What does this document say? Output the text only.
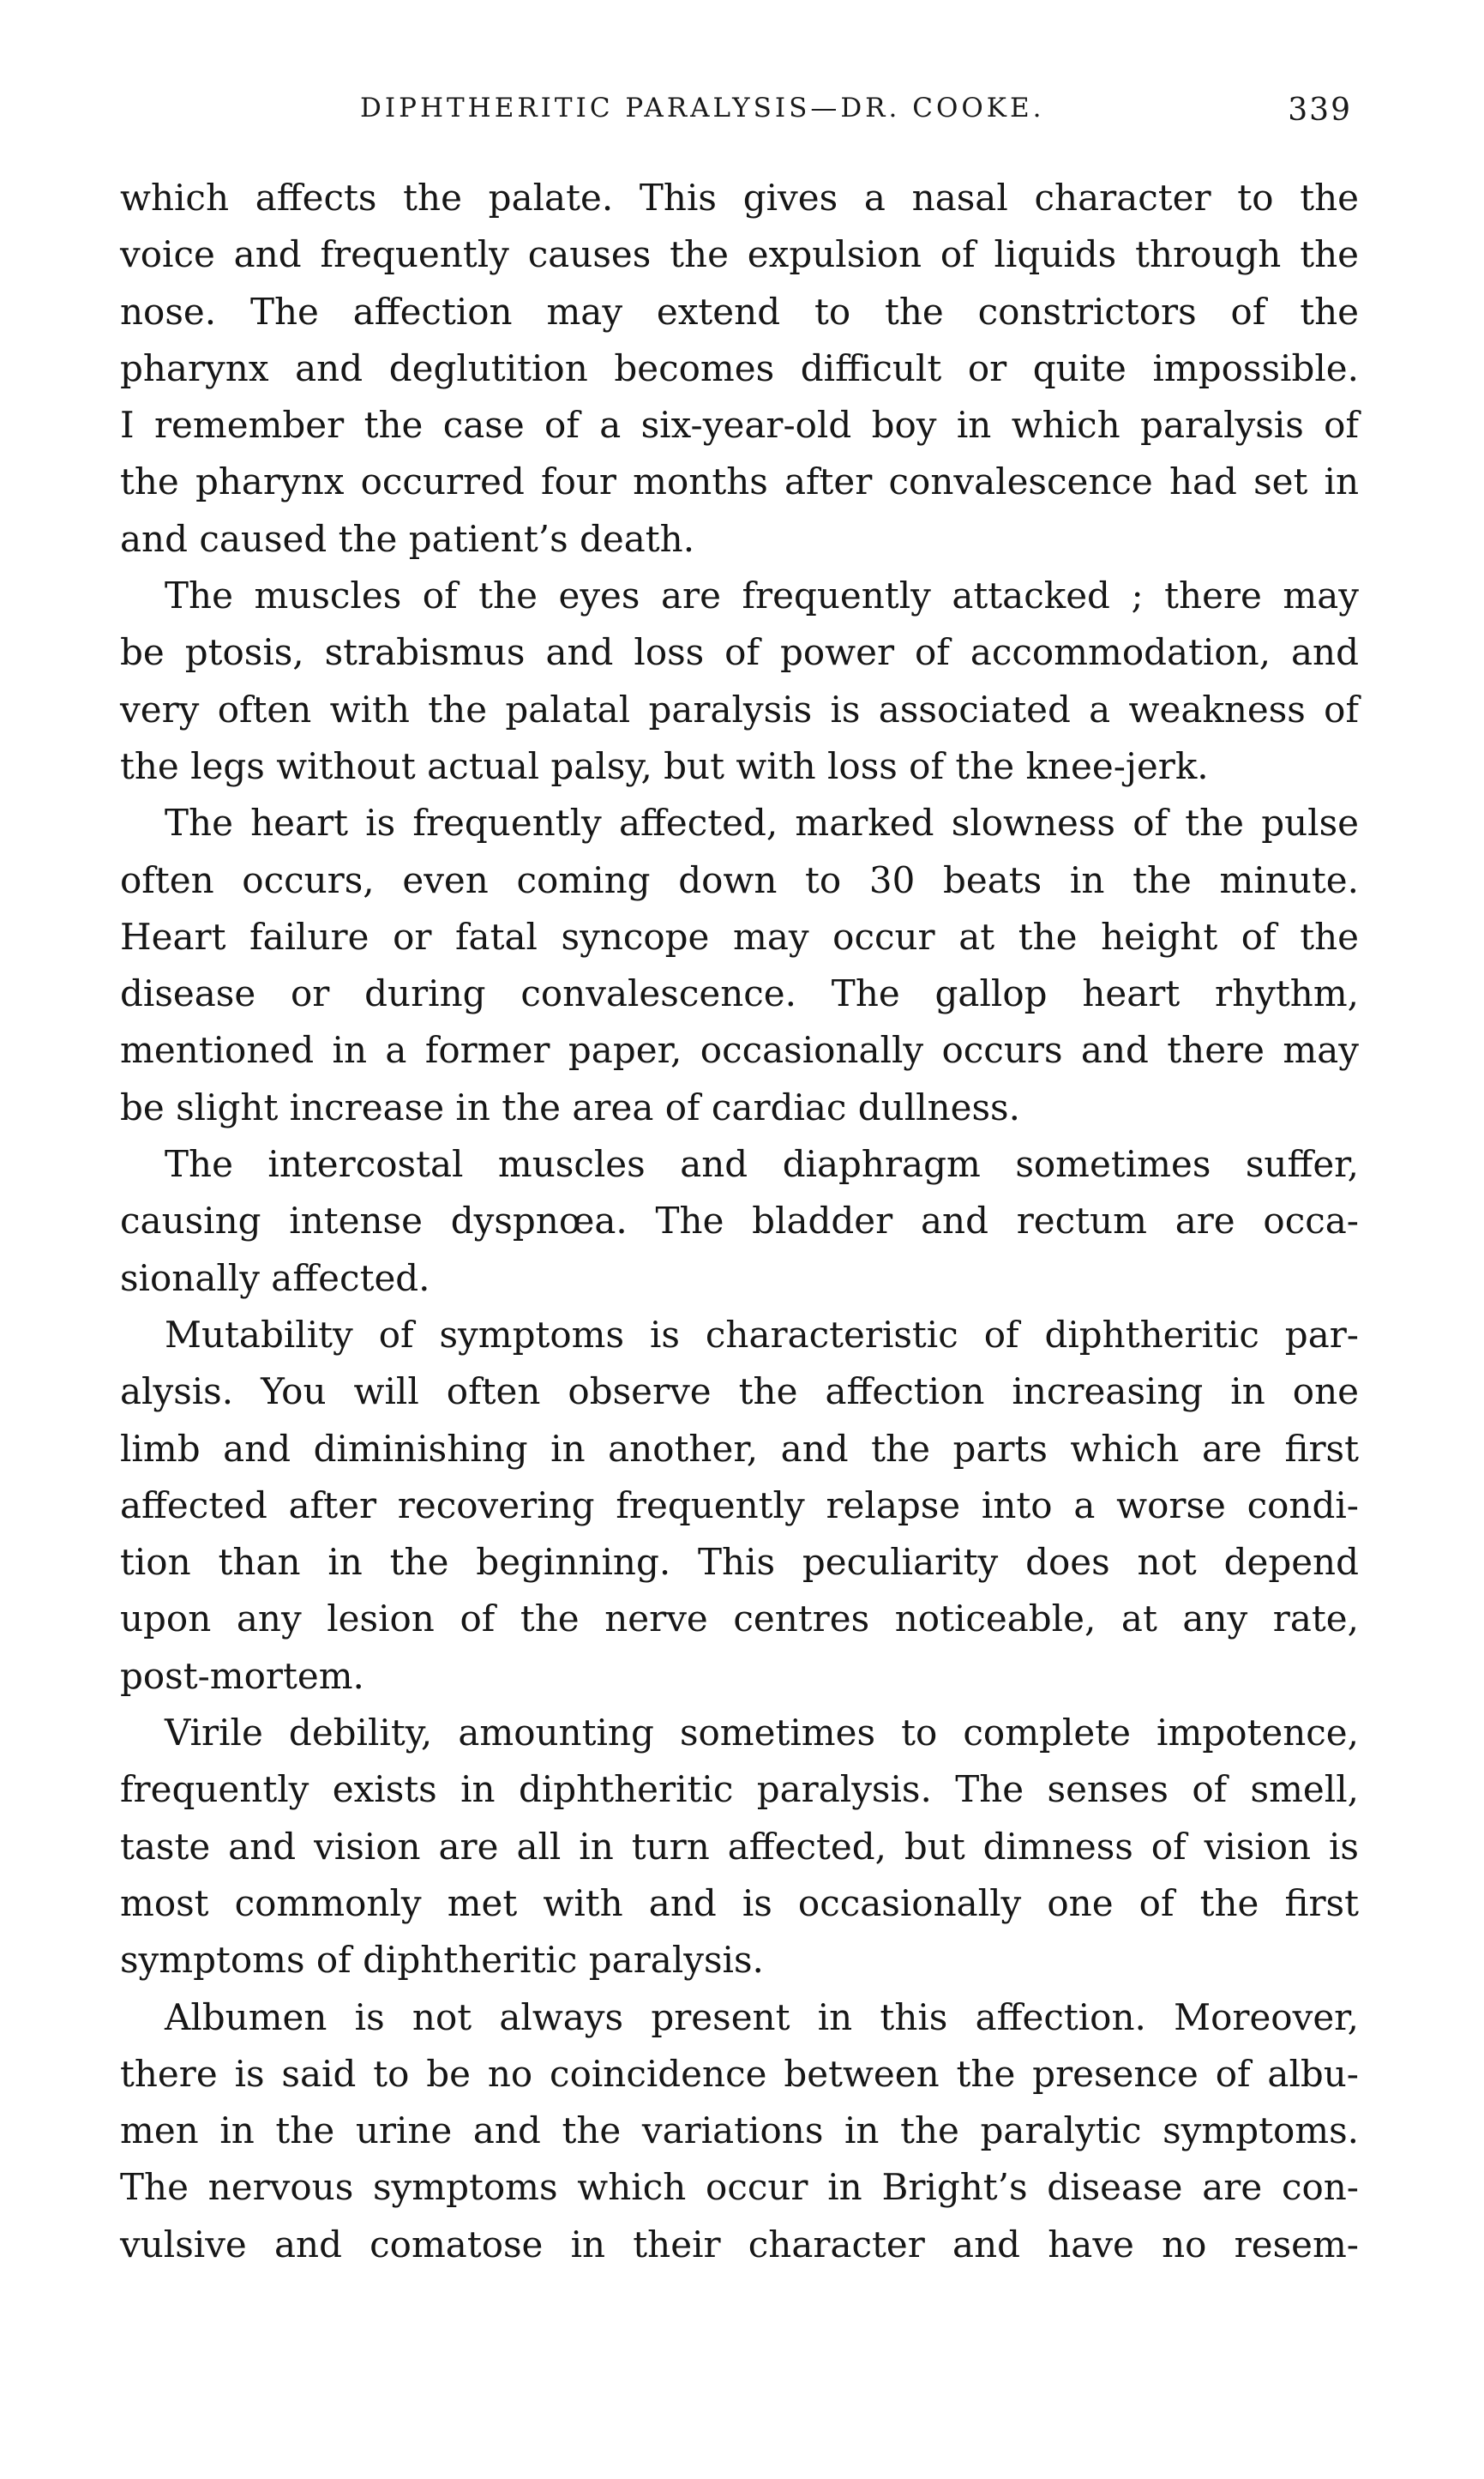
DIPHTHERITIC PARALYSIS—DR. COOKE.	339
which affects the palate. This gives a nasal character to the
voice and frequently causes the expulsion of liquids through the
nose. The affection may extend to the constrictors of the
pharynx and deglutition becomes difficult or quite impossible.
I remember the case of a six-year-old boy in which paralysis of
the pharynx occurred four months after convalescence had set in
and caused the patient’s death.
The muscles of the eyes are frequently attacked ; there may
be ptosis, strabismus and loss of power of accommodation, and
very often with the palatal paralysis is associated a weakness of
the legs without actual palsy, but with loss of the knee-jerk.
The heart is frequently affected, marked slowness of the pulse
often occurs, even coming down to 30 beats in the minute.
Heart failure or fatal syncope may occur at the height of the
disease or during convalescence. The gallop heart rhythm,
mentioned in a former paper, occasionally occurs and there may
be slight increase in the area of cardiac dullness.
The intercostal muscles and diaphragm sometimes suffer,
causing intense dyspnœa. The bladder and rectum are occa-
sionally affected.
Mutability of symptoms is characteristic of diphtheritic par-
alysis. You will often observe the affection increasing in one
limb and diminishing in another, and the parts which are first
affected after recovering frequently relapse into a worse condi-
tion than in the beginning. This peculiarity does not depend
upon any lesion of the nerve centres noticeable, at any rate,
post-mortem.
Virile debility, amounting sometimes to complete impotence,
frequently exists in diphtheritic paralysis. The senses of smell,
taste and vision are all in turn affected, but dimness of vision is
most commonly met with and is occasionally one of the first
symptoms of diphtheritic paralysis.
Albumen is not always present in this affection. Moreover,
there is said to be no coincidence between the presence of albu-
men in the urine and the variations in the paralytic symptoms.
The nervous symptoms which occur in Bright’s disease are con-
vulsive and comatose in their character and have no resem-
